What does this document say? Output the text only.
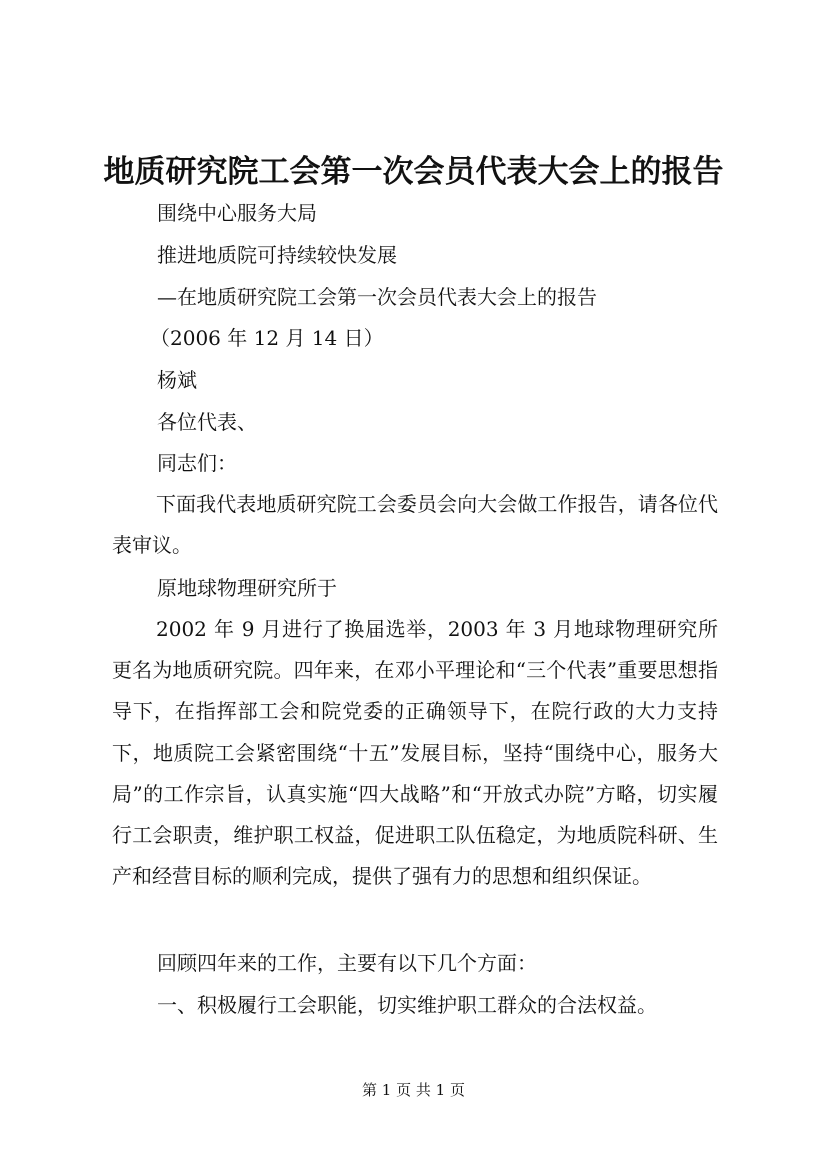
地质研究院工会第一次会员代表大会上的报告
围绕中心服务大局
推进地质院可持续较快发展
—在地质研究院工会第一次会员代表大会上的报告
（2006 年 12 月 14 日）
杨斌
各位代表、
同志们：
下面我代表地质研究院工会委员会向大会做工作报告，请各位代表审议。
原地球物理研究所于
2002 年 9 月进行了换届选举，2003 年 3 月地球物理研究所更名为地质研究院。四年来，在邓小平理论和“三个代表”重要思想指导下，在指挥部工会和院党委的正确领导下，在院行政的大力支持下，地质院工会紧密围绕“十五”发展目标，坚持“围绕中心，服务大局”的工作宗旨，认真实施“四大战略”和“开放式办院”方略，切实履行工会职责，维护职工权益，促进职工队伍稳定，为地质院科研、生产和经营目标的顺利完成，提供了强有力的思想和组织保证。
回顾四年来的工作，主要有以下几个方面：
一、积极履行工会职能，切实维护职工群众的合法权益。
第 1 页 共 1 页
